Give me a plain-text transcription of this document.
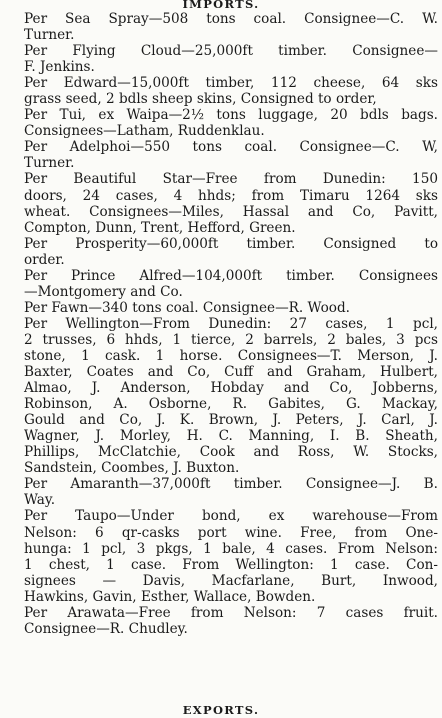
IMPORTS.
Per Sea Spray—508 tons coal. Consignee—C. W.
Turner.
Per Flying Cloud—25,000ft timber. Consignee—
F. Jenkins.
Per Edward—15,000ft timber, 112 cheese, 64 sks
grass seed, 2 bdls sheep skins, Consigned to order,
Per Tui, ex Waipa—2½ tons luggage, 20 bdls bags.
Consignees—Latham, Ruddenklau.
Per Adelphoi—550 tons coal. Consignee—C. W,
Turner.
Per Beautiful Star—Free from Dunedin: 150
doors, 24 cases, 4 hhds; from Timaru 1264 sks
wheat. Consignees—Miles, Hassal and Co, Pavitt,
Compton, Dunn, Trent, Hefford, Green.
Per Prosperity—60,000ft timber. Consigned to
order.
Per Prince Alfred—104,000ft timber. Consignees
—Montgomery and Co.
Per Fawn—340 tons coal. Consignee—R. Wood.
Per Wellington—From Dunedin: 27 cases, 1 pcl,
2 trusses, 6 hhds, 1 tierce, 2 barrels, 2 bales, 3 pcs
stone, 1 cask. 1 horse. Consignees—T. Merson, J.
Baxter, Coates and Co, Cuff and Graham, Hulbert,
Almao, J. Anderson, Hobday and Co, Jobberns,
Robinson, A. Osborne, R. Gabites, G. Mackay,
Gould and Co, J. K. Brown, J. Peters, J. Carl, J.
Wagner, J. Morley, H. C. Manning, I. B. Sheath,
Phillips, McClatchie, Cook and Ross, W. Stocks,
Sandstein, Coombes, J. Buxton.
Per Amaranth—37,000ft timber. Consignee—J. B.
Way.
Per Taupo—Under bond, ex warehouse—From
Nelson: 6 qr-casks port wine. Free, from One-
hunga: 1 pcl, 3 pkgs, 1 bale, 4 cases. From Nelson:
1 chest, 1 case. From Wellington: 1 case. Con-
signees — Davis, Macfarlane, Burt, Inwood,
Hawkins, Gavin, Esther, Wallace, Bowden.
Per Arawata—Free from Nelson: 7 cases fruit.
Consignee—R. Chudley.
EXPORTS.
